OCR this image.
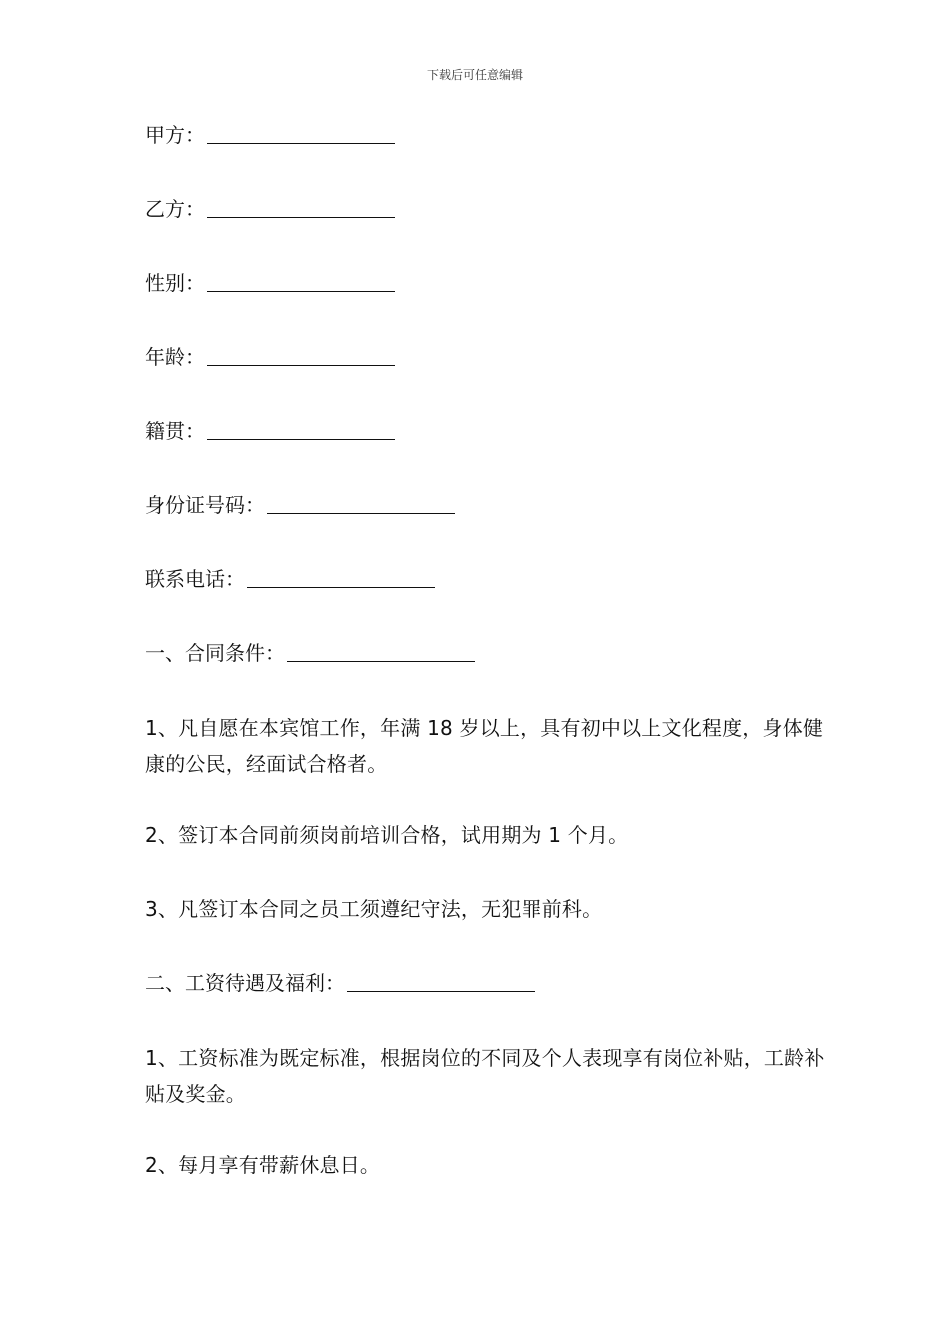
下载后可任意编辑
甲方：
乙方：
性别：
年龄：
籍贯：
身份证号码：
联系电话：
一、合同条件：
1、凡自愿在本宾馆工作，年满 18 岁以上，具有初中以上文化程度，身体健康的公民，经面试合格者。
2、签订本合同前须岗前培训合格，试用期为 1 个月。
3、凡签订本合同之员工须遵纪守法，无犯罪前科。
二、工资待遇及福利：
1、工资标准为既定标准，根据岗位的不同及个人表现享有岗位补贴，工龄补贴及奖金。
2、每月享有带薪休息日。
